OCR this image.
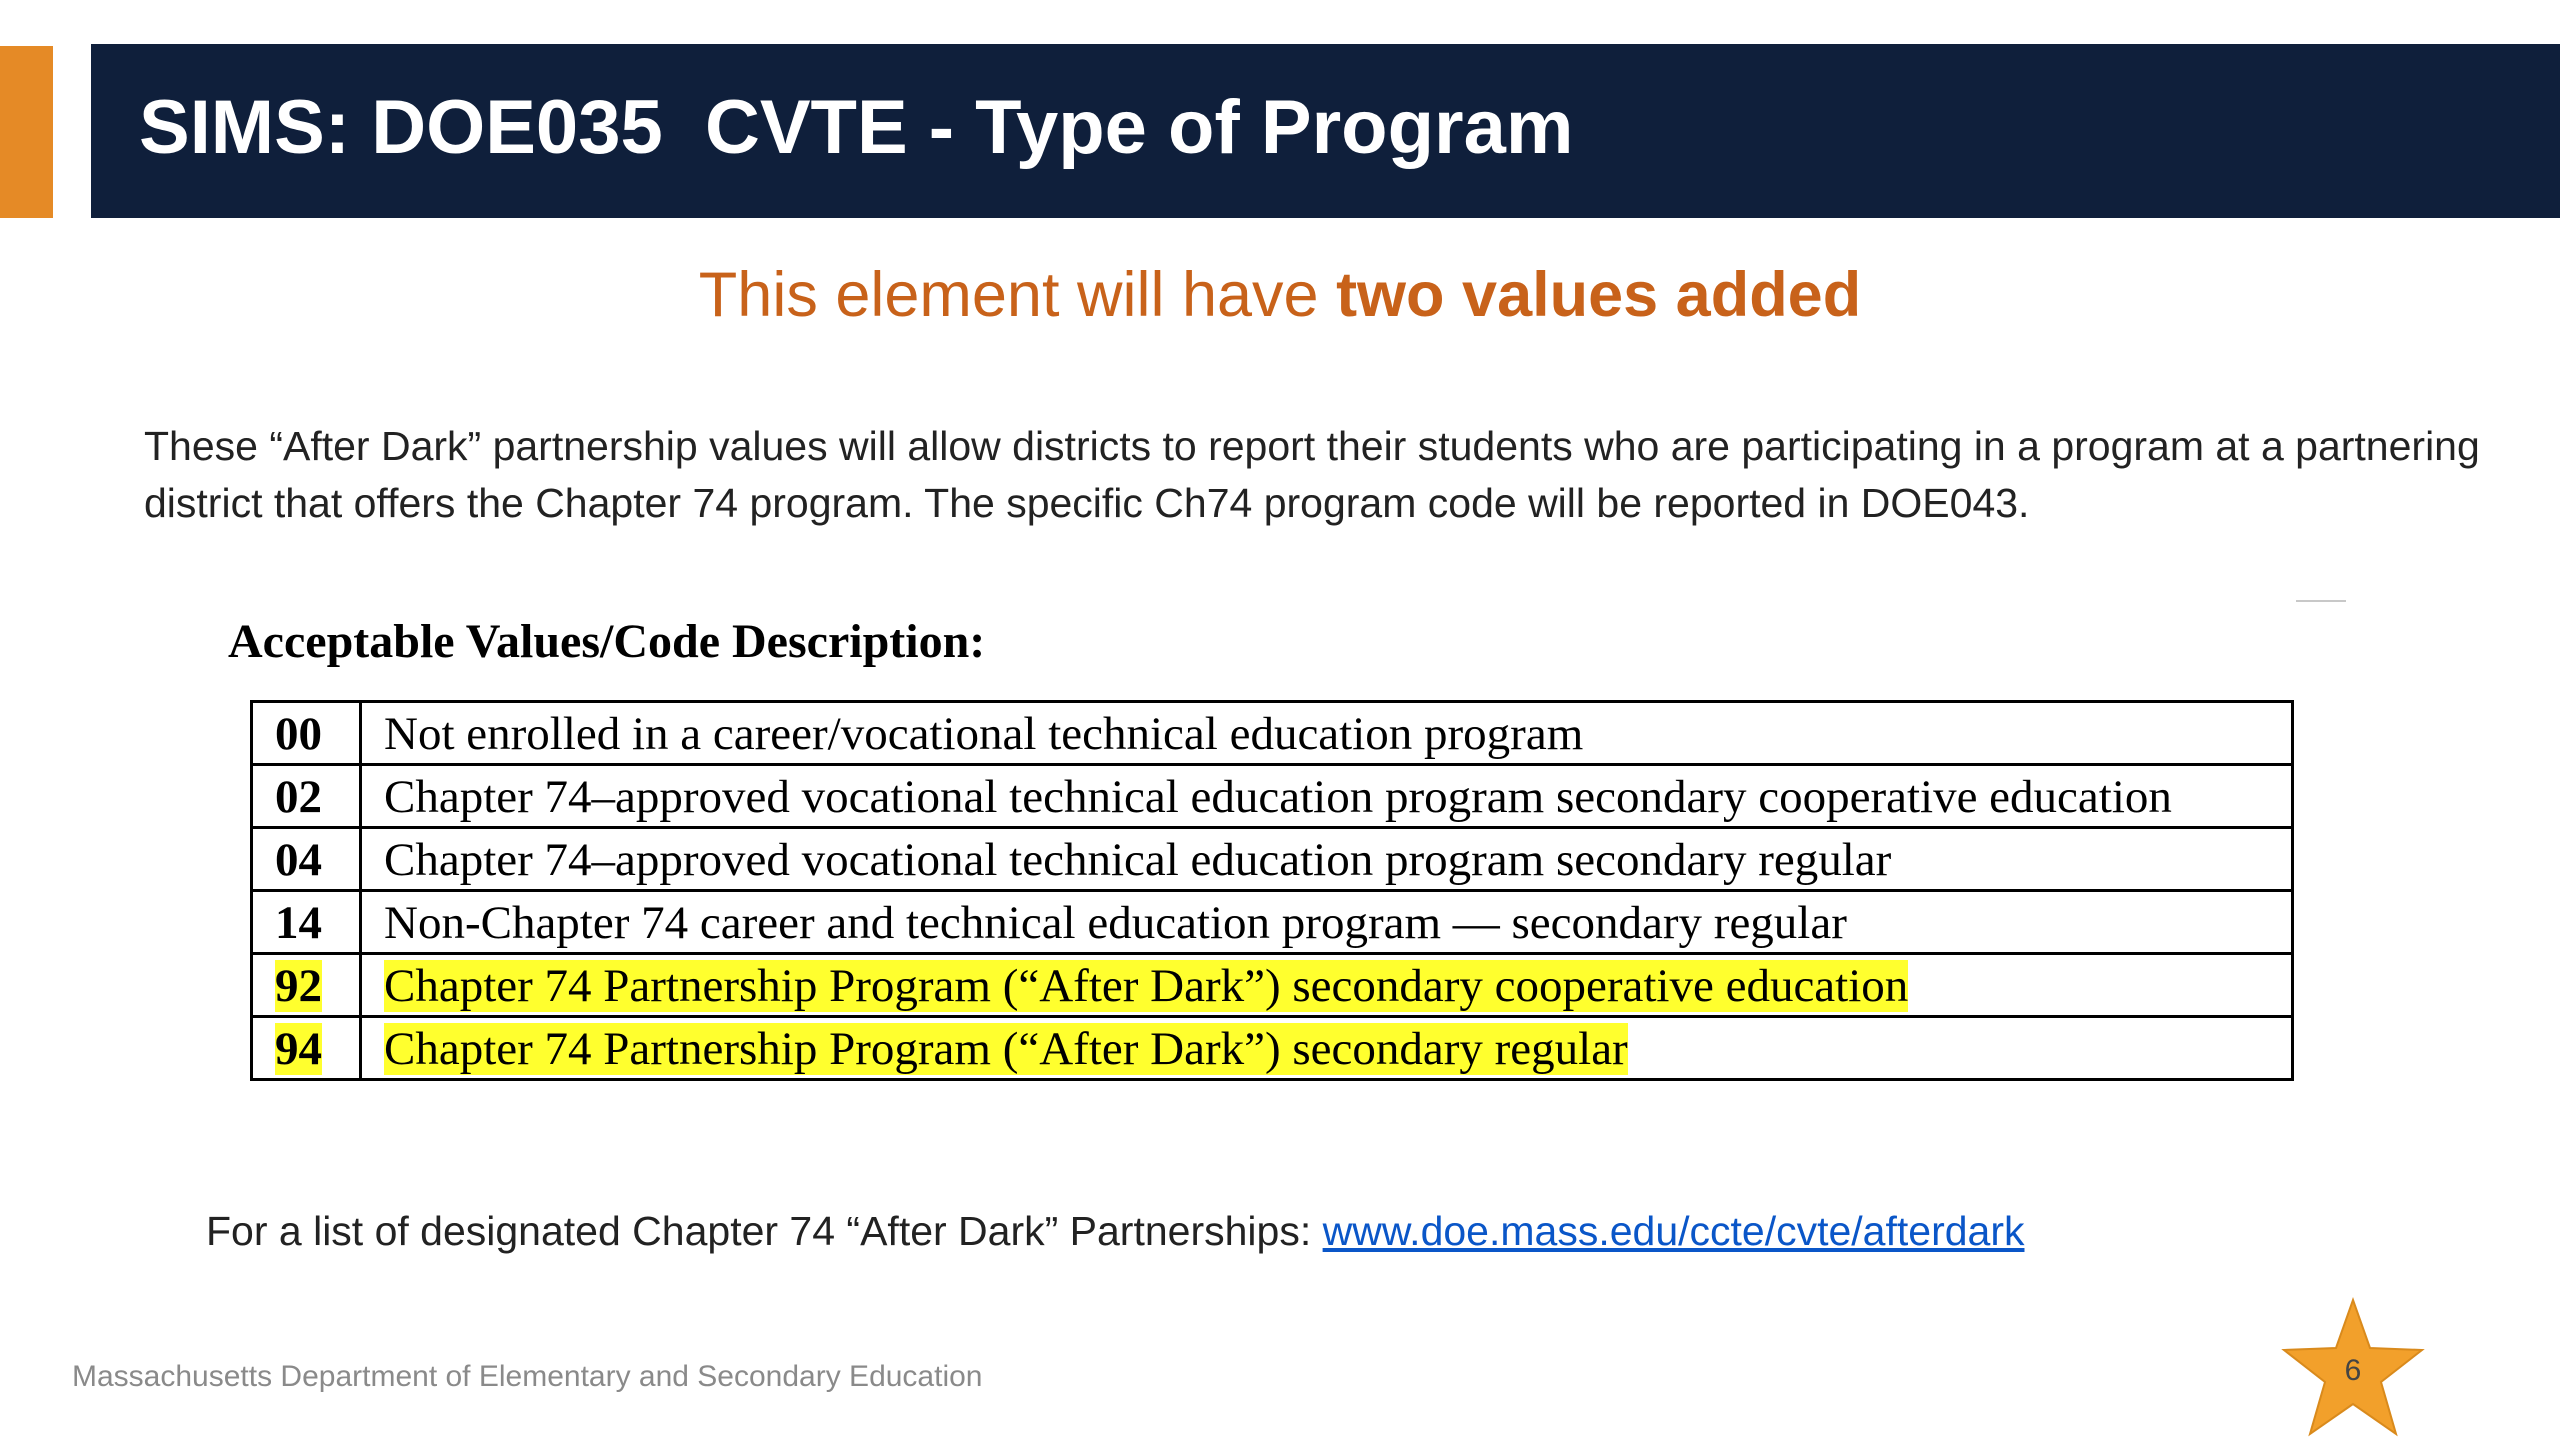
SIMS: DOE035  CVTE - Type of Program

This element will have two values added

These “After Dark” partnership values will allow districts to report their students who are participating in a program at a partnering district that offers the Chapter 74 program. The specific Ch74 program code will be reported in DOE043.

Acceptable Values/Code Description:

00	Not enrolled in a career/vocational technical education program
02	Chapter 74–approved vocational technical education program secondary cooperative education
04	Chapter 74–approved vocational technical education program secondary regular
14	Non-Chapter 74 career and technical education program — secondary regular
92	Chapter 74 Partnership Program (“After Dark”) secondary cooperative education
94	Chapter 74 Partnership Program (“After Dark”) secondary regular

For a list of designated Chapter 74 “After Dark” Partnerships: www.doe.mass.edu/ccte/cvte/afterdark

Massachusetts Department of Elementary and Secondary Education	6
